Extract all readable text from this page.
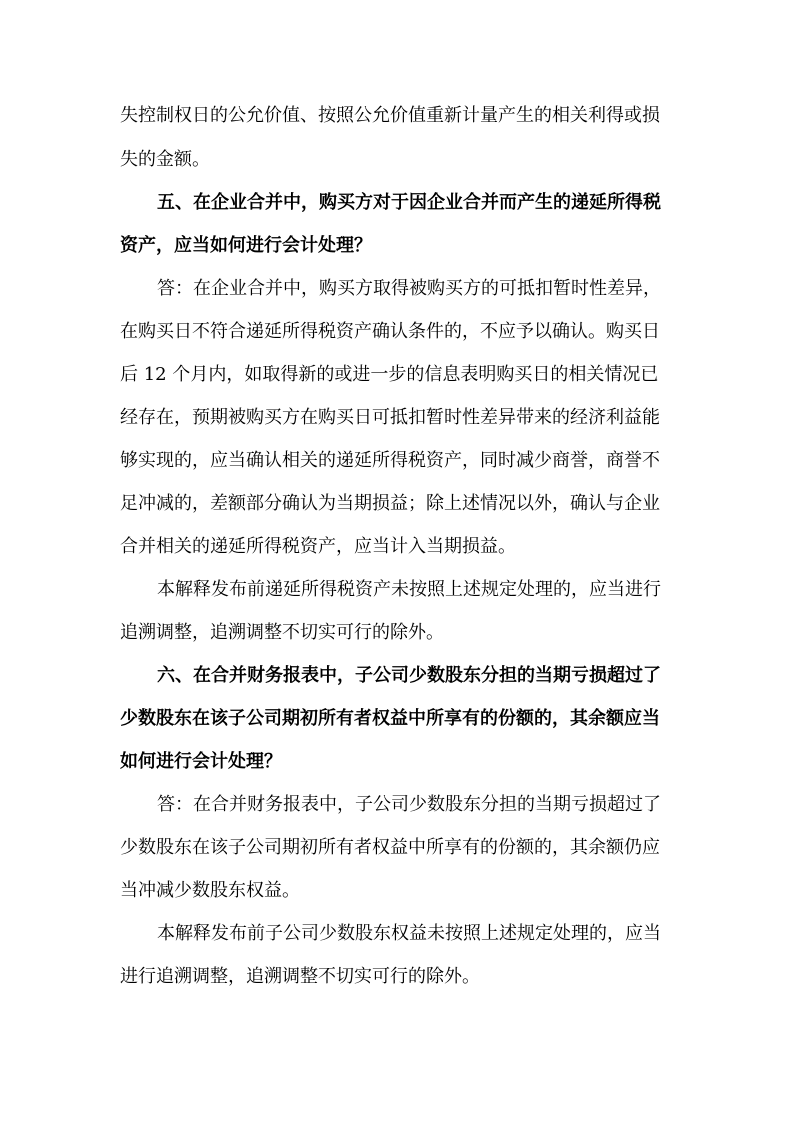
失控制权日的公允价值、按照公允价值重新计量产生的相关利得或损
失的金额。
五、在企业合并中，购买方对于因企业合并而产生的递延所得税
资产，应当如何进行会计处理？
答：在企业合并中，购买方取得被购买方的可抵扣暂时性差异，
在购买日不符合递延所得税资产确认条件的，不应予以确认。购买日
后 12 个月内，如取得新的或进一步的信息表明购买日的相关情况已
经存在，预期被购买方在购买日可抵扣暂时性差异带来的经济利益能
够实现的，应当确认相关的递延所得税资产，同时减少商誉，商誉不
足冲减的，差额部分确认为当期损益；除上述情况以外，确认与企业
合并相关的递延所得税资产，应当计入当期损益。
本解释发布前递延所得税资产未按照上述规定处理的，应当进行
追溯调整，追溯调整不切实可行的除外。
六、在合并财务报表中，子公司少数股东分担的当期亏损超过了
少数股东在该子公司期初所有者权益中所享有的份额的，其余额应当
如何进行会计处理？
答：在合并财务报表中，子公司少数股东分担的当期亏损超过了
少数股东在该子公司期初所有者权益中所享有的份额的，其余额仍应
当冲减少数股东权益。
本解释发布前子公司少数股东权益未按照上述规定处理的，应当
进行追溯调整，追溯调整不切实可行的除外。
